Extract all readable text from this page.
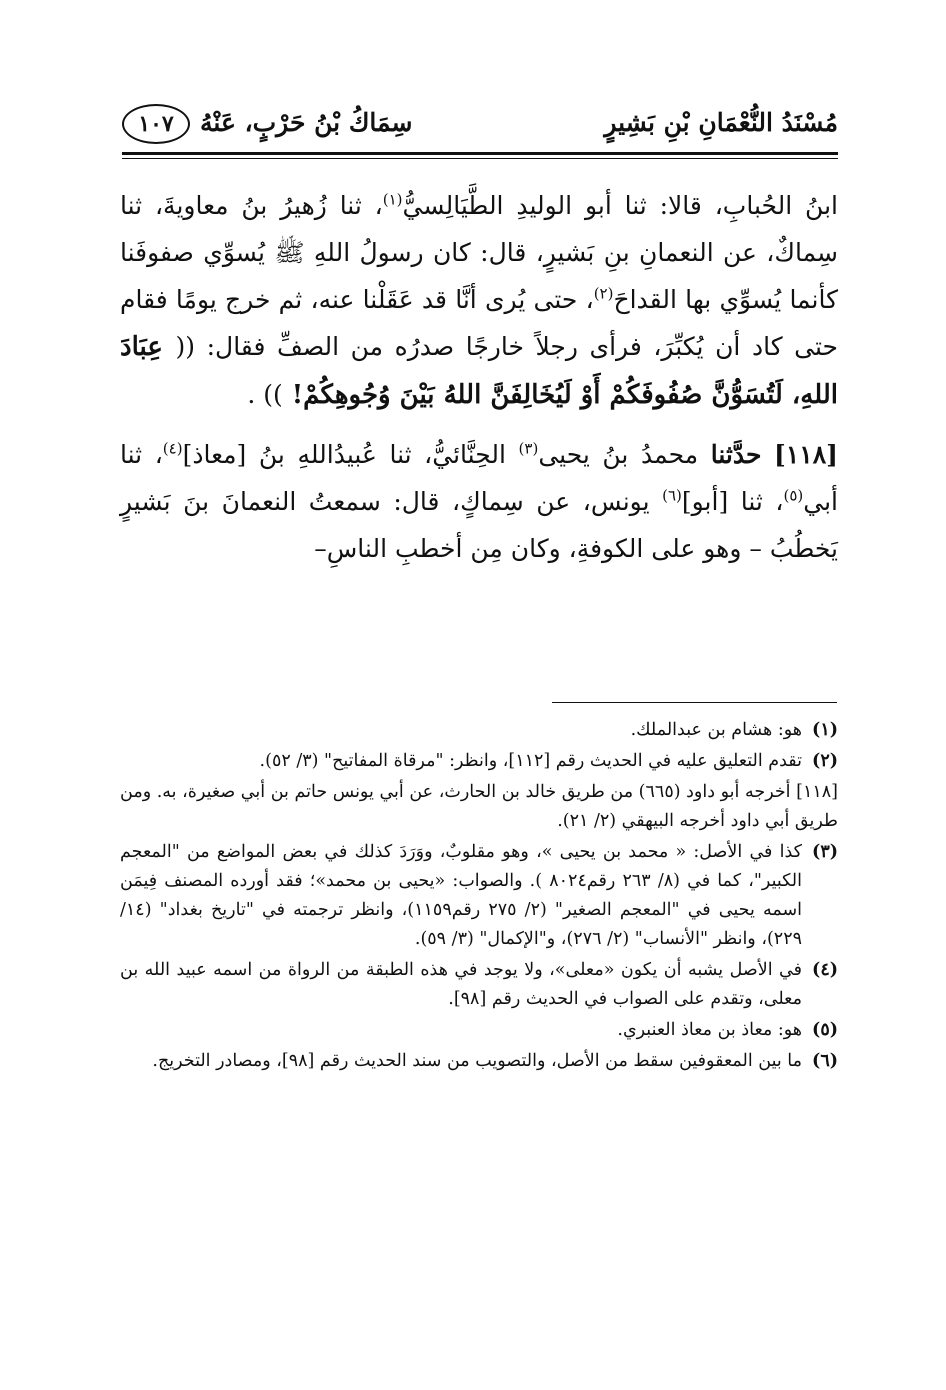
مُسْنَدُ النُّعْمَانِ بْنِ بَشِيرٍ
سِمَاكُ بْنُ حَرْبٍ، عَنْهُ
١٠٧

ابنُ الحُبابِ، قالا: ثنا أبو الوليدِ الطَّيَالِسيُّ$^{(١)}$، ثنا زُهيرُ بنُ معاويةَ، ثنا سِماكٌ، عن النعمانِ بنِ بَشيرٍ، قال: كان رسولُ اللهِ ﷺ يُسوِّي صفوفَنا كأنما يُسوِّي بها القداحَ$^{(٢)}$، حتى يُرى أنَّا قد عَقَلْنا عنه، ثم خرج يومًا فقام حتى كاد أن يُكبِّرَ، فرأى رجلاً خارجًا صدرُه من الصفِّ فقال: (( عِبَادَ اللهِ، لَتُسَوُّنَّ صُفُوفَكُمْ أَوْ لَيُخَالِفَنَّ اللهُ بَيْنَ وُجُوهِكُمْ! )) .

[١١٨] حدَّثنا محمدُ بنُ يحيى$^{(٣)}$ الحِنَّائيُّ، ثنا عُبيدُاللهِ بنُ [معاذ]$^{(٤)}$، ثنا أبي$^{(٥)}$، ثنا [أبو]$^{(٦)}$ يونس، عن سِماكٍ، قال: سمعتُ النعمانَ بنَ بَشيرٍ يَخطُبُ – وهو على الكوفةِ، وكان مِن أخطبِ الناسِ–

(١)
هو: هشام بن عبدالملك.

(٢)
تقدم التعليق عليه في الحديث رقم [١١٢]، وانظر: "مرقاة المفاتيح" (٣/ ٥٢).

[١١٨] أخرجه أبو داود (٦٦٥) من طريق خالد بن الحارث، عن أبي يونس حاتم بن أبي صغيرة، به. ومن طريق أبي داود أخرجه البيهقي (٢/ ٢١).

(٣)
كذا في الأصل: « محمد بن يحيى »، وهو مقلوبٌ، ووَرَدَ كذلك في بعض المواضع من "المعجم الكبير"، كما في (٨/ ٢٦٣ رقم٨٠٢٤ ). والصواب: «يحيى بن محمد»؛ فقد أورده المصنف فِيمَن اسمه يحيى في "المعجم الصغير" (٢/ ٢٧٥ رقم١١٥٩)، وانظر ترجمته في "تاريخ بغداد" (١٤/ ٢٢٩)، وانظر "الأنساب" (٢/ ٢٧٦)، و"الإكمال" (٣/ ٥٩).

(٤)
في الأصل يشبه أن يكون «معلى»، ولا يوجد في هذه الطبقة من الرواة من اسمه عبيد الله بن معلى، وتقدم على الصواب في الحديث رقم [٩٨].

(٥)
هو: معاذ بن معاذ العنبري.

(٦)
ما بين المعقوفين سقط من الأصل، والتصويب من سند الحديث رقم [٩٨]، ومصادر التخريج.
